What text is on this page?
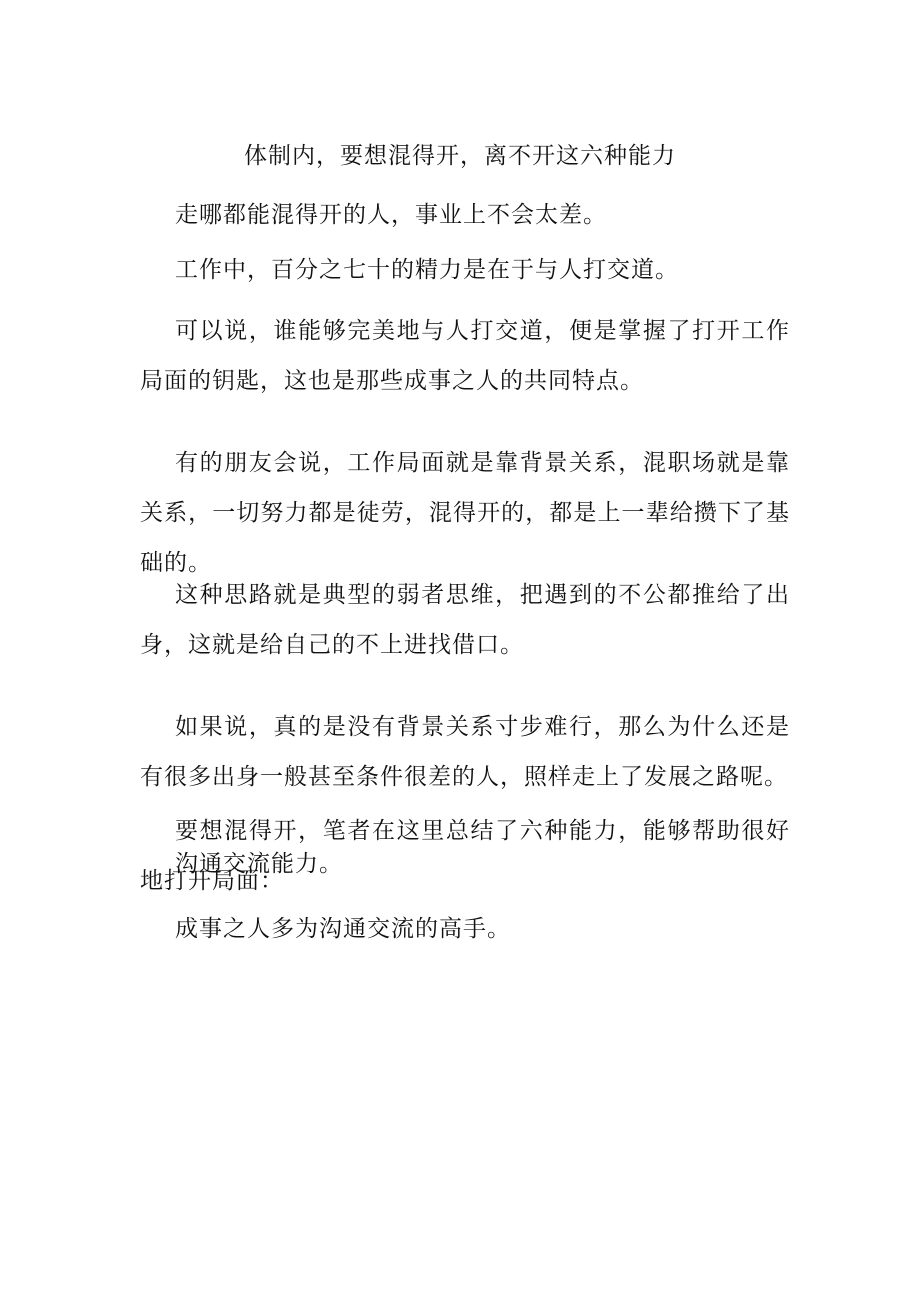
体制内，要想混得开，离不开这六种能力
走哪都能混得开的人，事业上不会太差。
工作中，百分之七十的精力是在于与人打交道。
可以说，谁能够完美地与人打交道，便是掌握了打开工作局面的钥匙，这也是那些成事之人的共同特点。
有的朋友会说，工作局面就是靠背景关系，混职场就是靠关系，一切努力都是徒劳，混得开的，都是上一辈给攒下了基础的。
这种思路就是典型的弱者思维，把遇到的不公都推给了出身，这就是给自己的不上进找借口。
如果说，真的是没有背景关系寸步难行，那么为什么还是有很多出身一般甚至条件很差的人，照样走上了发展之路呢。
要想混得开，笔者在这里总结了六种能力，能够帮助很好地打开局面：
沟通交流能力。
成事之人多为沟通交流的高手。
